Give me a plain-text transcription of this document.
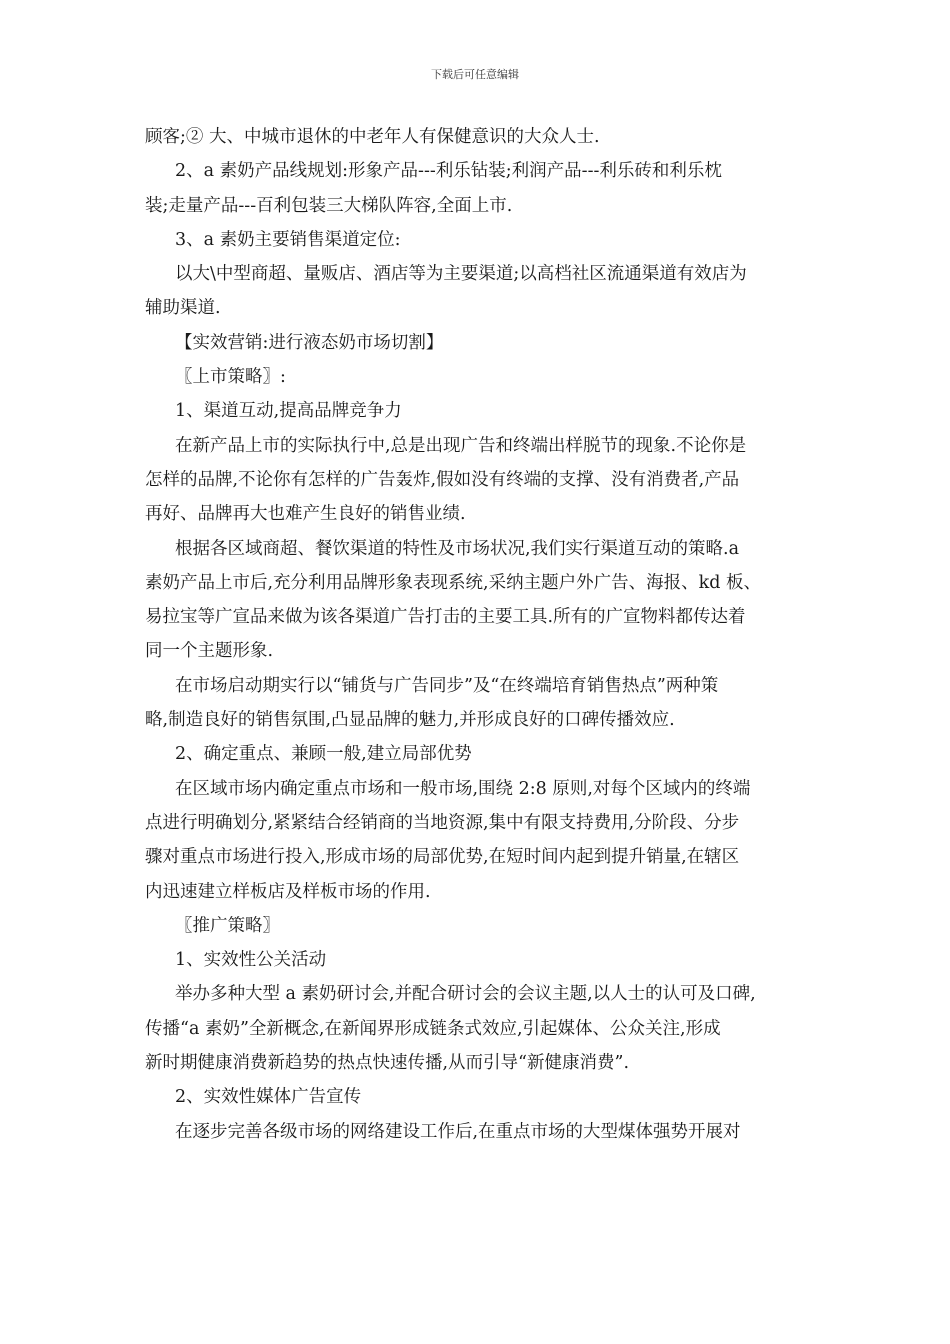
下载后可任意编辑
顾客;② 大、中城市退休的中老年人有保健意识的大众人士.
2、a 素奶产品线规划:形象产品---利乐钻装;利润产品---利乐砖和利乐枕
装;走量产品---百利包装三大梯队阵容,全面上市.
3、a 素奶主要销售渠道定位:
以大\中型商超、量贩店、酒店等为主要渠道;以高档社区流通渠道有效店为
辅助渠道.
【实效营销:进行液态奶市场切割】
〖上市策略〗:
1、渠道互动,提高品牌竞争力
在新产品上市的实际执行中,总是出现广告和终端出样脱节的现象.不论你是
怎样的品牌,不论你有怎样的广告轰炸,假如没有终端的支撑、没有消费者,产品
再好、品牌再大也难产生良好的销售业绩.
根据各区域商超、餐饮渠道的特性及市场状况,我们实行渠道互动的策略.a
素奶产品上市后,充分利用品牌形象表现系统,采纳主题户外广告、海报、kd 板、
易拉宝等广宣品来做为该各渠道广告打击的主要工具.所有的广宣物料都传达着
同一个主题形象.
在市场启动期实行以“铺货与广告同步”及“在终端培育销售热点”两种策
略,制造良好的销售氛围,凸显品牌的魅力,并形成良好的口碑传播效应.
2、确定重点、兼顾一般,建立局部优势
在区域市场内确定重点市场和一般市场,围绕 2:8 原则,对每个区域内的终端
点进行明确划分,紧紧结合经销商的当地资源,集中有限支持费用,分阶段、分步
骤对重点市场进行投入,形成市场的局部优势,在短时间内起到提升销量,在辖区
内迅速建立样板店及样板市场的作用.
〖推广策略〗
1、实效性公关活动
举办多种大型 a 素奶研讨会,并配合研讨会的会议主题,以人士的认可及口碑,
传播“a 素奶”全新概念,在新闻界形成链条式效应,引起媒体、公众关注,形成
新时期健康消费新趋势的热点快速传播,从而引导“新健康消费”.
2、实效性媒体广告宣传
在逐步完善各级市场的网络建设工作后,在重点市场的大型煤体强势开展对
